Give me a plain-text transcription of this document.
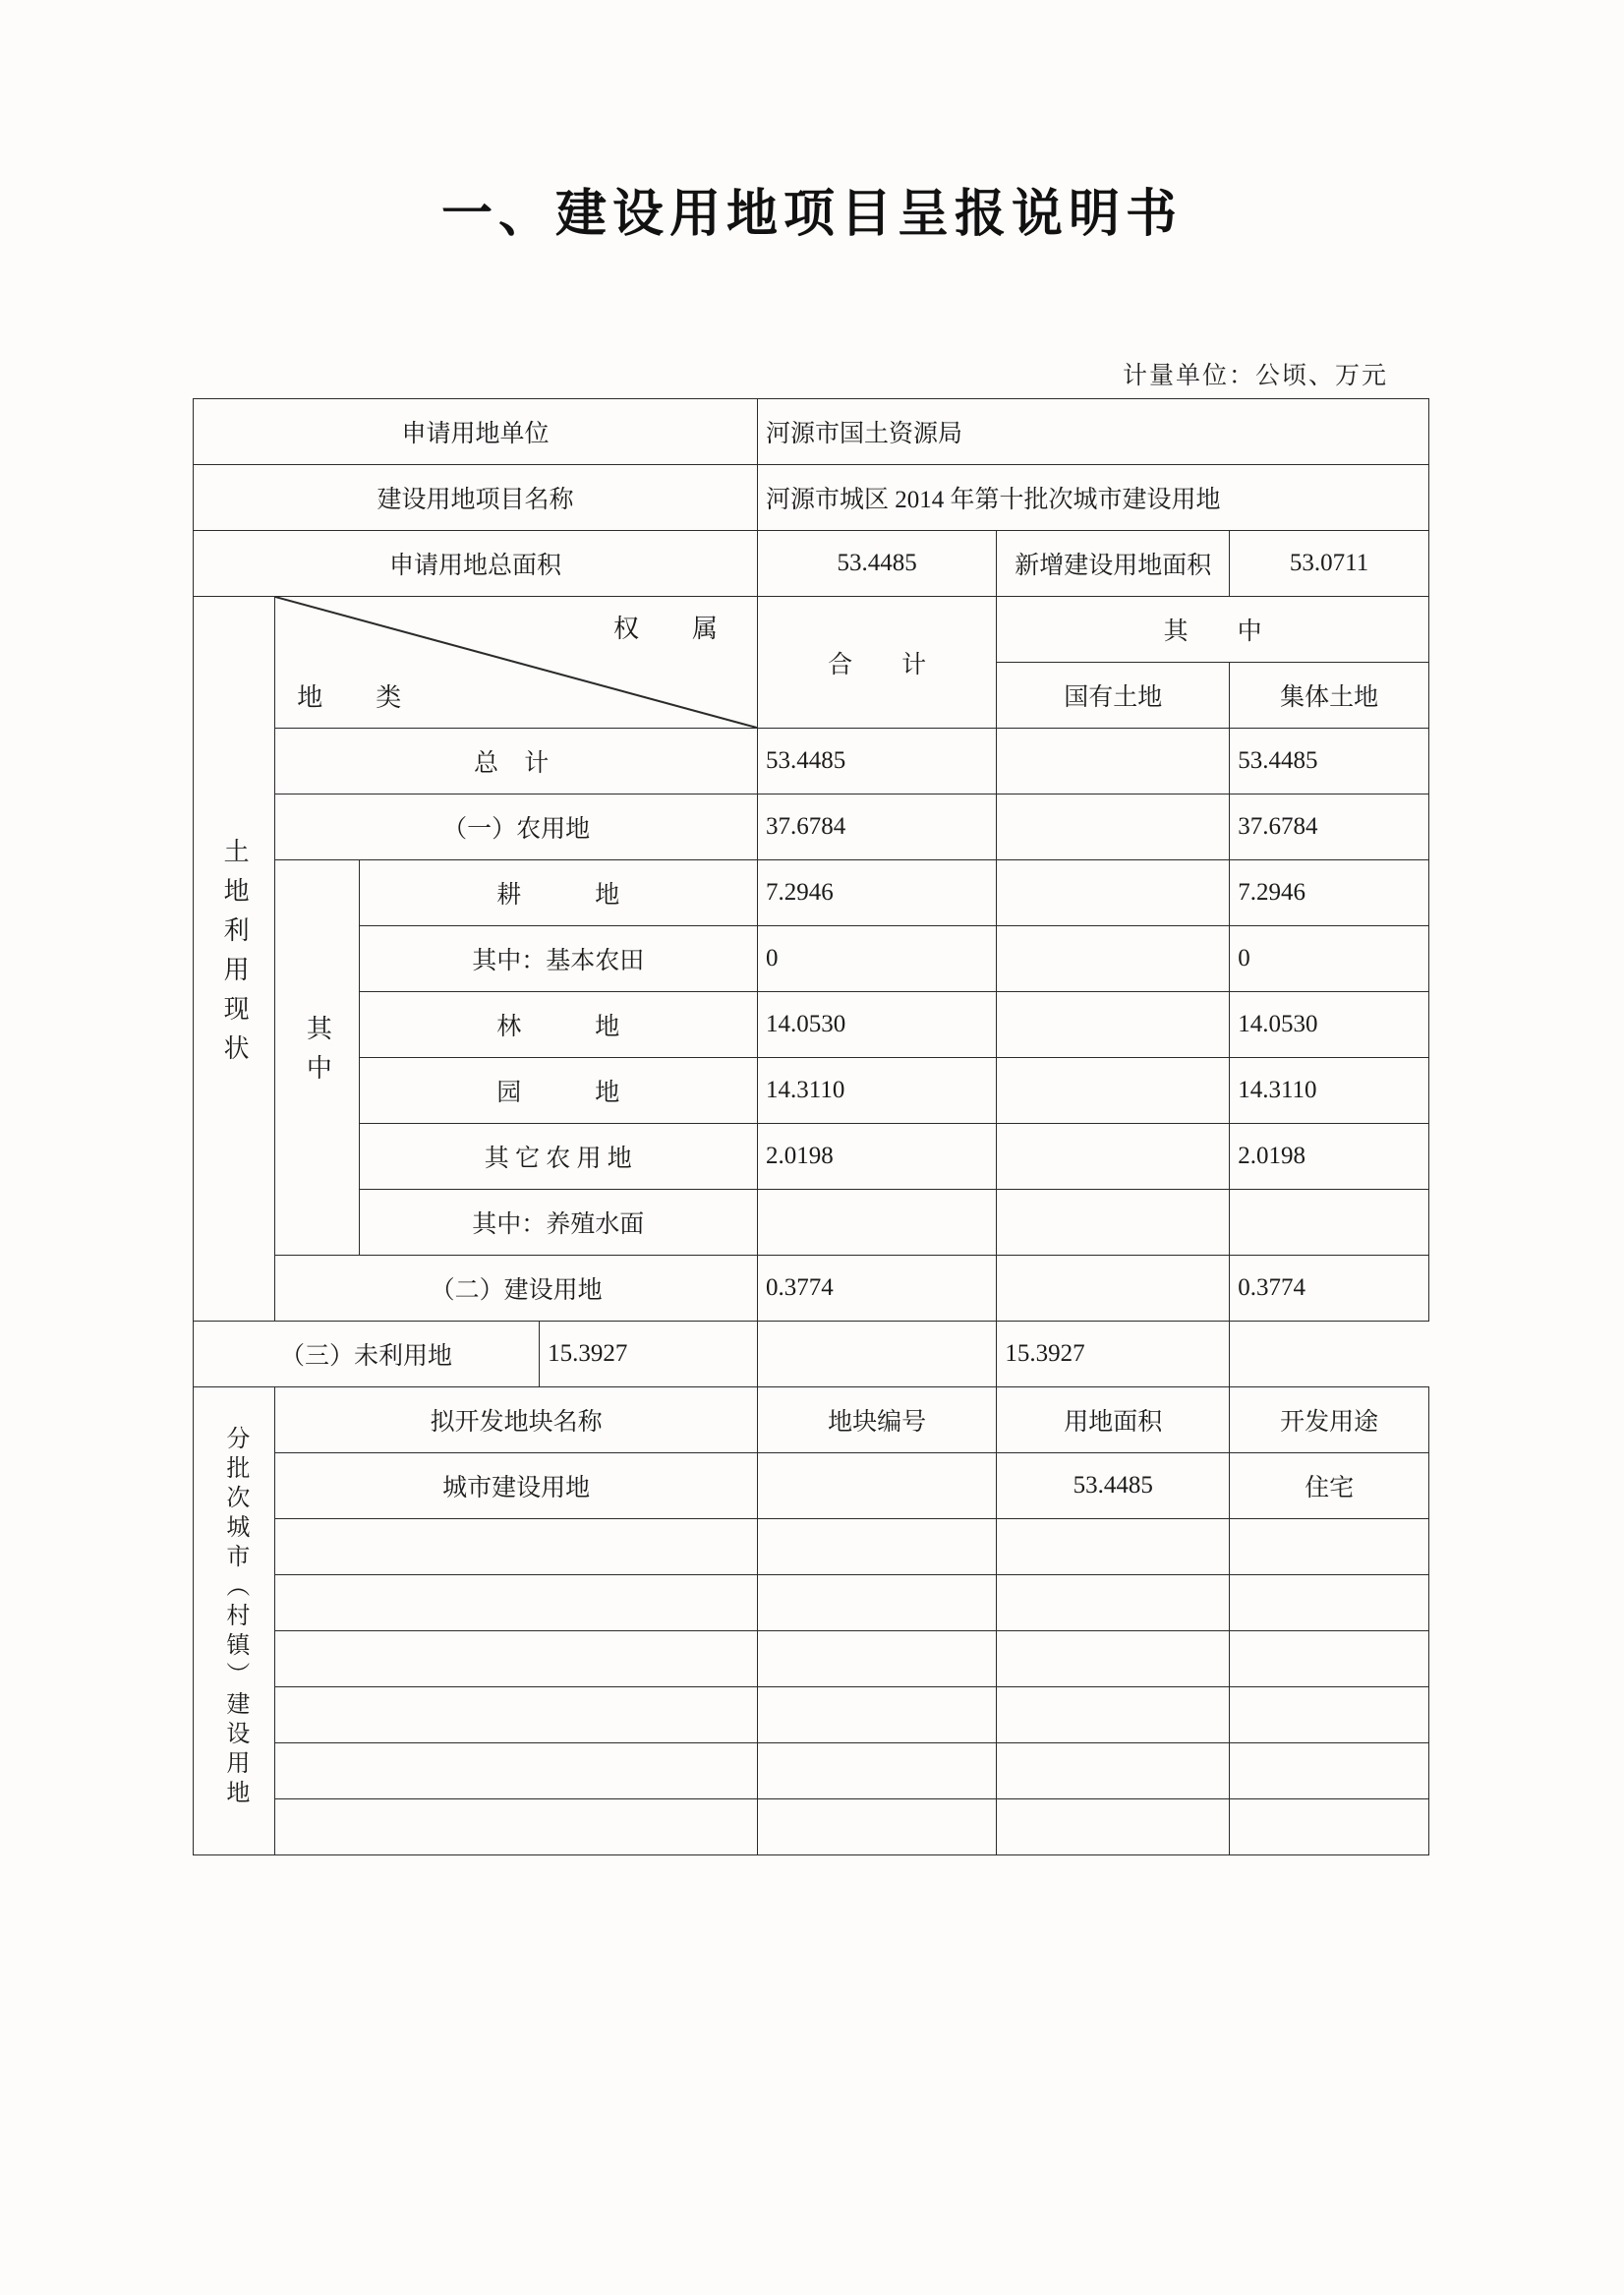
一、建设用地项目呈报说明书
计量单位：公顷、万元
申请用地单位				河源市国土资源局		
建设用地项目名称				河源市城区 2014 年第十批次城市建设用地		
申请用地总面积				53.4485	新增建设用地面积	53.0711
土地利用现状	权　属
地　类			合　　计	其　　中	
					国有土地	集体土地
	总 计			53.4485		53.4485
	（一）农用地			37.6784		37.6784
	其中	耕　　　地		7.2946		7.2946
		其中：基本农田		0		0
		林　　　地		14.0530		14.0530
		园　　　地		14.3110		14.3110
		其 它 农 用 地		2.0198		2.0198
		其中：养殖水面				
	（二）建设用地			0.3774		0.3774
（三）未利用地			15.3927		15.3927	
分批次城市（村镇）建设用地	拟开发地块名称			地块编号	用地面积	开发用途
	城市建设用地				53.4485	住宅
